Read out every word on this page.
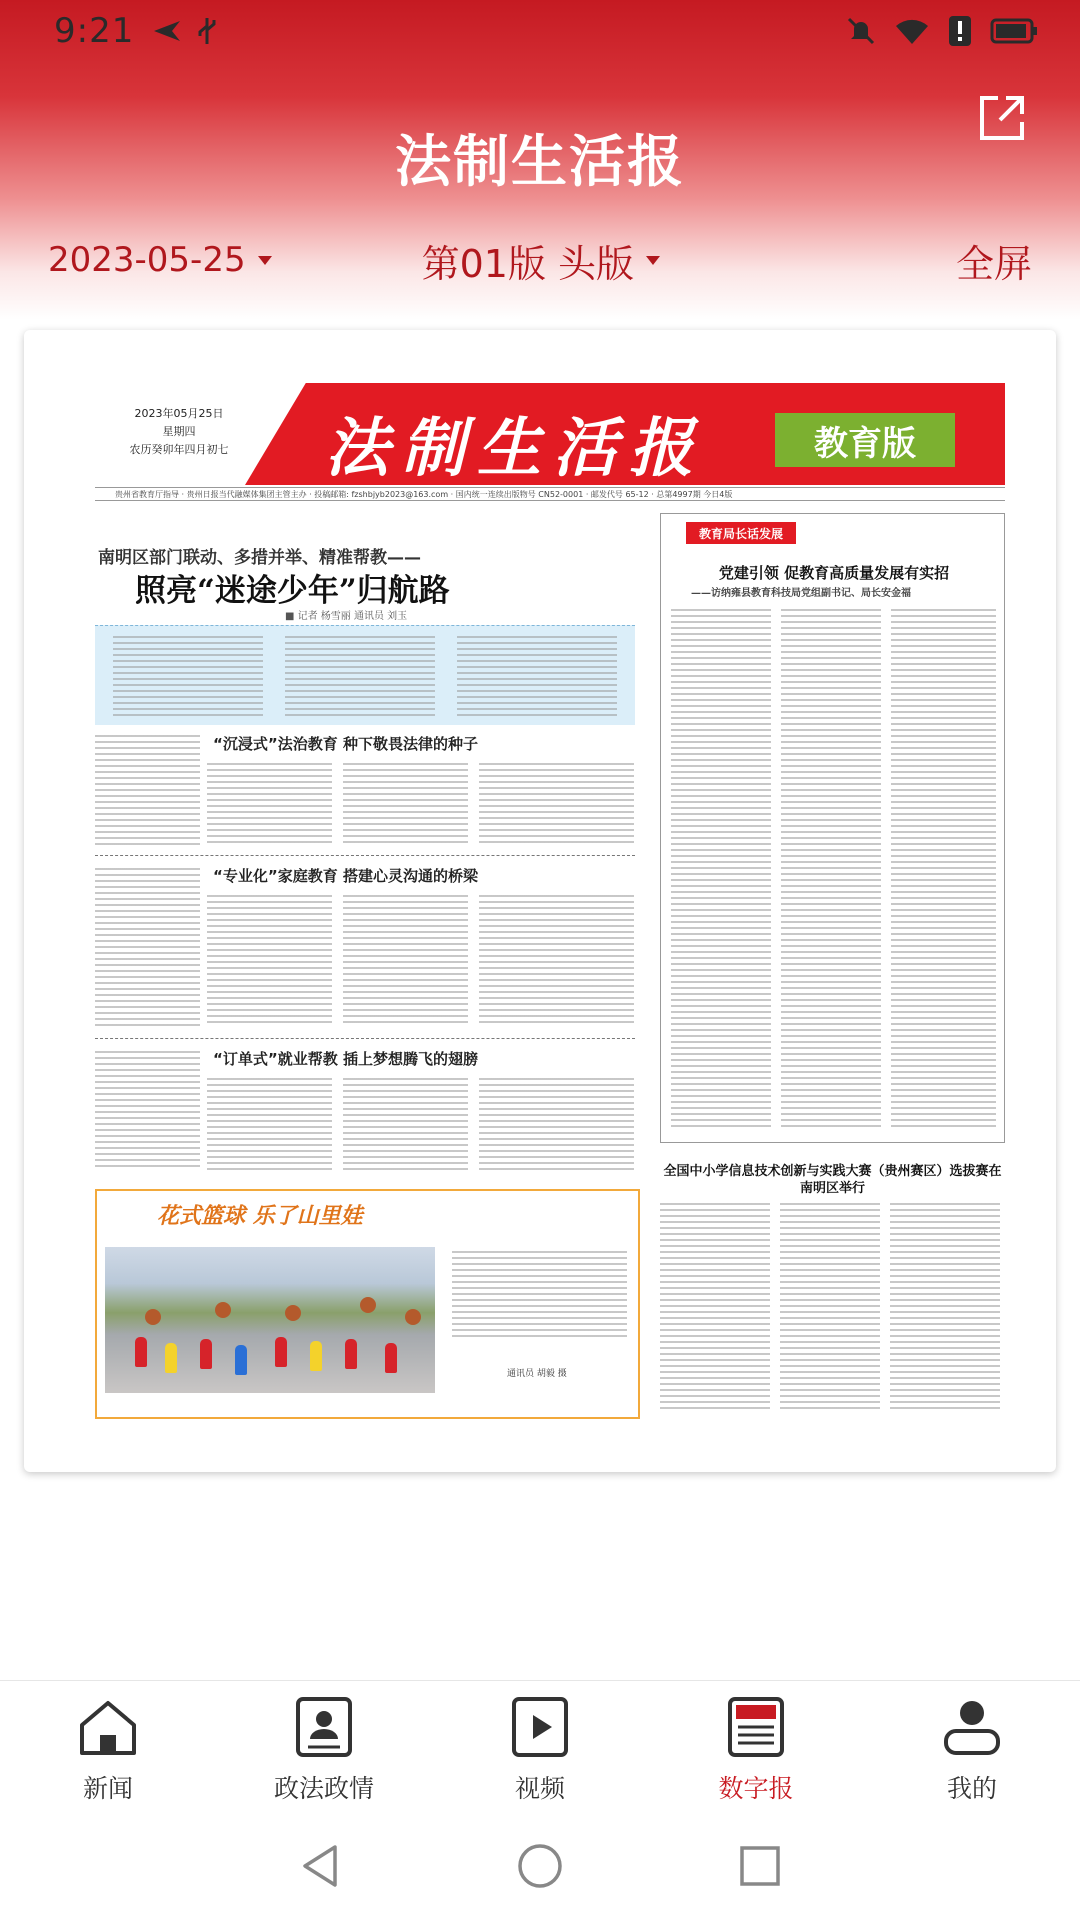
9:21
法制生活报
2023-05-25	第01版 头版	全屏
2023年05月25日
星期四
农历癸卯年四月初七	法制生活报	教育版
贵州省教育厅指导 · 贵州日报当代融媒体集团主管主办 · 投稿邮箱: fzshbjyb2023@163.com · 国内统一连续出版物号 CN52-0001 · 邮发代号 65-12 · 总第4997期 今日4版
南明区部门联动、多措并举、精准帮教——
照亮“迷途少年”归航路
■ 记者 杨雪丽 通讯员 刘玉
“沉浸式”法治教育 种下敬畏法律的种子
“专业化”家庭教育 搭建心灵沟通的桥梁
“订单式”就业帮教 插上梦想腾飞的翅膀
花式篮球 乐了山里娃
通讯员 胡毅 摄
教育局长话发展
党建引领 促教育高质量发展有实招
——访纳雍县教育科技局党组副书记、局长安金福
全国中小学信息技术创新与实践大赛（贵州赛区）选拔赛在南明区举行
新闻	政法政情	视频	数字报	我的
